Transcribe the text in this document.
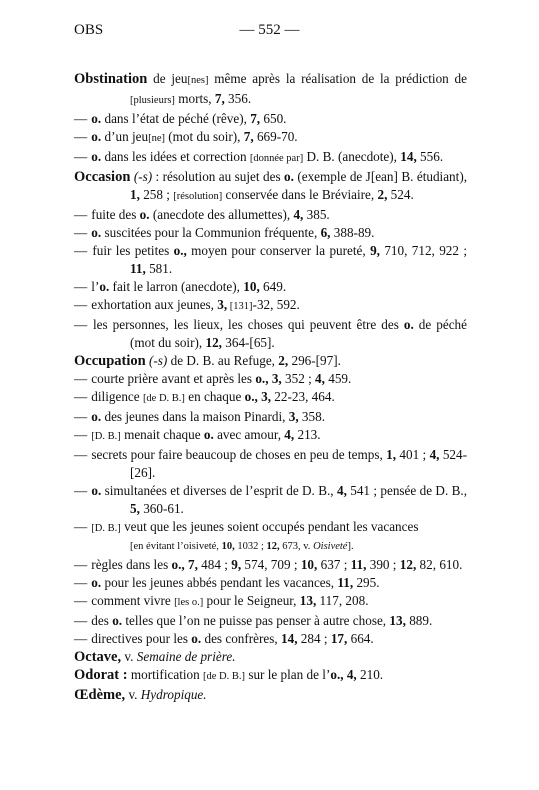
OBS	— 552 —
Obstination de jeu[nes] même après la réalisation de la prédiction de [plusieurs] morts, 7, 356.
— o. dans l’état de péché (rêve), 7, 650.
— o. d’un jeu[ne] (mot du soir), 7, 669-70.
— o. dans les idées et correction [donnée par] D. B. (anecdote), 14, 556.
Occasion (-s) : résolution au sujet des o. (exemple de J[ean] B. étudiant), 1, 258 ; [résolution] conservée dans le Bréviaire, 2, 524.
— fuite des o. (anecdote des allumettes), 4, 385.
— o. suscitées pour la Communion fréquente, 6, 388-89.
— fuir les petites o., moyen pour conserver la pureté, 9, 710, 712, 922 ; 11, 581.
— l’o. fait le larron (anecdote), 10, 649.
— exhortation aux jeunes, 3, [131]-32, 592.
— les personnes, les lieux, les choses qui peuvent être des o. de péché (mot du soir), 12, 364-[65].
Occupation (-s) de D. B. au Refuge, 2, 296-[97].
— courte prière avant et après les o., 3, 352 ; 4, 459.
— diligence [de D. B.] en chaque o., 3, 22-23, 464.
— o. des jeunes dans la maison Pinardi, 3, 358.
— [D. B.] menait chaque o. avec amour, 4, 213.
— secrets pour faire beaucoup de choses en peu de temps, 1, 401 ; 4, 524-[26].
— o. simultanées et diverses de l’esprit de D. B., 4, 541 ; pensée de D. B., 5, 360-61.
— [D. B.] veut que les jeunes soient occupés pendant les vacances
[en évitant l’oisiveté, 10, 1032 ; 12, 673, v. Oisiveté].
— règles dans les o., 7, 484 ; 9, 574, 709 ; 10, 637 ; 11, 390 ; 12, 82, 610.
— o. pour les jeunes abbés pendant les vacances, 11, 295.
— comment vivre [les o.] pour le Seigneur, 13, 117, 208.
— des o. telles que l’on ne puisse pas penser à autre chose, 13, 889.
— directives pour les o. des confrères, 14, 284 ; 17, 664.
Octave, v. Semaine de prière.
Odorat : mortification [de D. B.] sur le plan de l’o., 4, 210.
Œdème, v. Hydropique.
